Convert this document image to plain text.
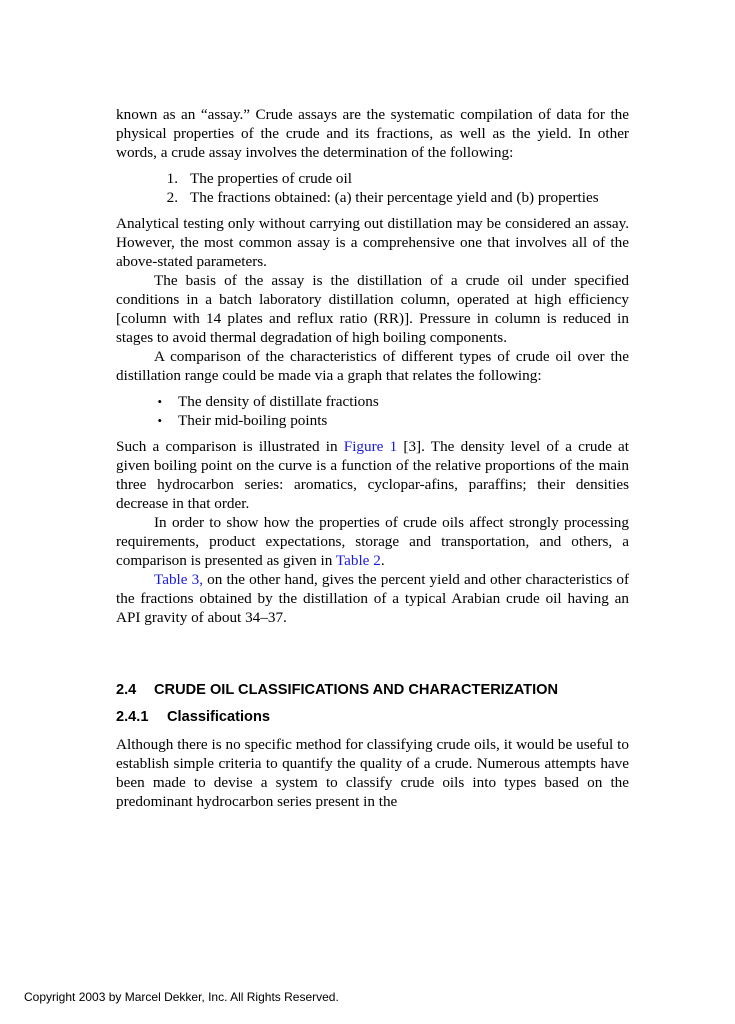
known as an “assay.” Crude assays are the systematic compilation of data for the physical properties of the crude and its fractions, as well as the yield. In other words, a crude assay involves the determination of the following:

1. The properties of crude oil
2. The fractions obtained: (a) their percentage yield and (b) properties

Analytical testing only without carrying out distillation may be considered an assay. However, the most common assay is a comprehensive one that involves all of the above-stated parameters.

The basis of the assay is the distillation of a crude oil under specified conditions in a batch laboratory distillation column, operated at high efficiency [column with 14 plates and reflux ratio (RR)]. Pressure in column is reduced in stages to avoid thermal degradation of high boiling components.

A comparison of the characteristics of different types of crude oil over the distillation range could be made via a graph that relates the following:

•	The density of distillate fractions
•	Their mid-boiling points

Such a comparison is illustrated in Figure 1 [3]. The density level of a crude at given boiling point on the curve is a function of the relative proportions of the main three hydrocarbon series: aromatics, cyclopar-afins, paraffins; their densities decrease in that order.

In order to show how the properties of crude oils affect strongly processing requirements, product expectations, storage and transportation, and others, a comparison is presented as given in Table 2.

Table 3, on the other hand, gives the percent yield and other characteristics of the fractions obtained by the distillation of a typical Arabian crude oil having an API gravity of about 34–37.

2.4	CRUDE OIL CLASSIFICATIONS AND CHARACTERIZATION
2.4.1	Classifications

Although there is no specific method for classifying crude oils, it would be useful to establish simple criteria to quantify the quality of a crude. Numerous attempts have been made to devise a system to classify crude oils into types based on the predominant hydrocarbon series present in the

Copyright 2003 by Marcel Dekker, Inc. All Rights Reserved.
